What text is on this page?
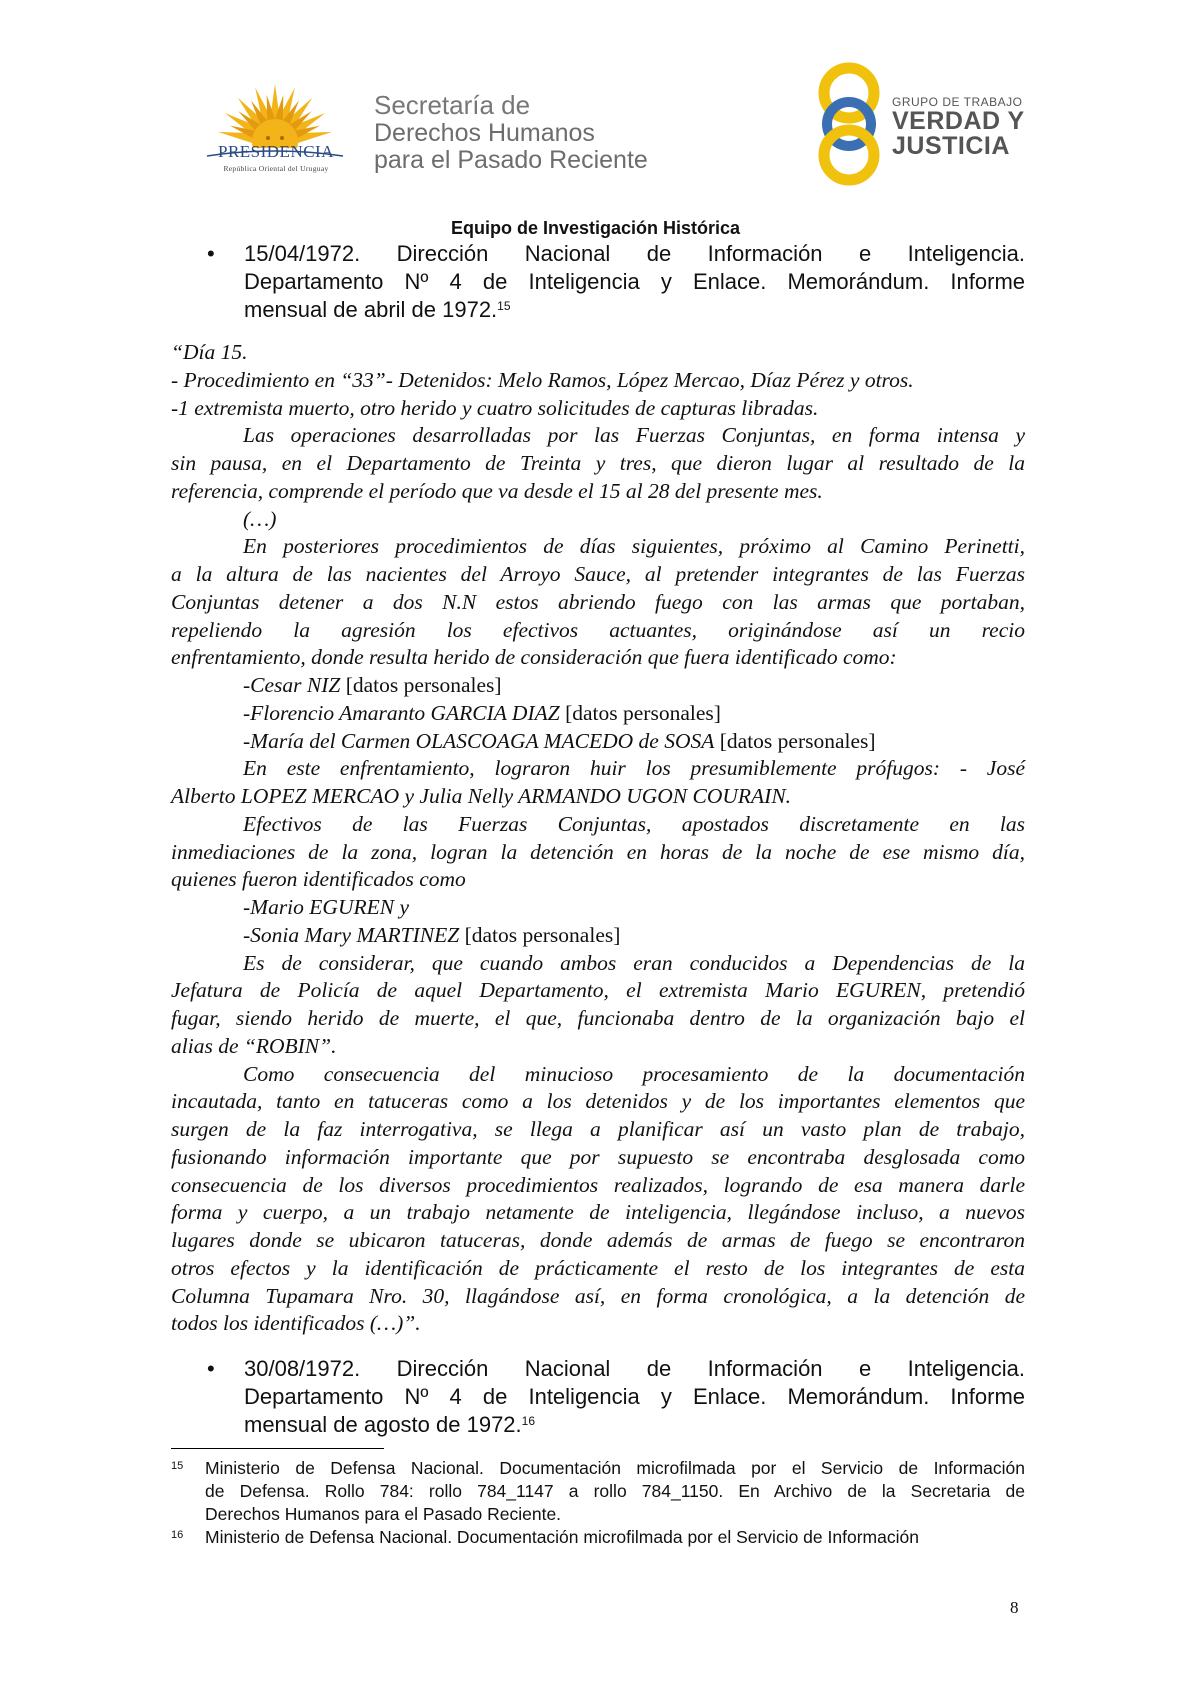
PRESIDENCIA
República Oriental del Uruguay
Secretaría de
Derechos Humanos
para el Pasado Reciente
GRUPO DE TRABAJO
VERDAD Y
JUSTICIA
Equipo de Investigación Histórica
• 15/04/1972. Dirección Nacional de Información e Inteligencia.
Departamento Nº 4 de Inteligencia y Enlace. Memorándum. Informe
mensual de abril de 1972.15
“Día 15.
- Procedimiento en “33”- Detenidos: Melo Ramos, López Mercao, Díaz Pérez y otros.
-1 extremista muerto, otro herido y cuatro solicitudes de capturas libradas.
Las operaciones desarrolladas por las Fuerzas Conjuntas, en forma intensa y
sin pausa, en el Departamento de Treinta y tres, que dieron lugar al resultado de la
referencia, comprende el período que va desde el 15 al 28 del presente mes.
(…)
En posteriores procedimientos de días siguientes, próximo al Camino Perinetti,
a la altura de las nacientes del Arroyo Sauce, al pretender integrantes de las Fuerzas
Conjuntas detener a dos N.N estos abriendo fuego con las armas que portaban,
repeliendo la agresión los efectivos actuantes, originándose así un recio
enfrentamiento, donde resulta herido de consideración que fuera identificado como:
-Cesar NIZ [datos personales]
-Florencio Amaranto GARCIA DIAZ [datos personales]
-María del Carmen OLASCOAGA MACEDO de SOSA [datos personales]
En este enfrentamiento, lograron huir los presumiblemente prófugos: - José
Alberto LOPEZ MERCAO y Julia Nelly ARMANDO UGON COURAIN.
Efectivos de las Fuerzas Conjuntas, apostados discretamente en las
inmediaciones de la zona, logran la detención en horas de la noche de ese mismo día,
quienes fueron identificados como
-Mario EGUREN y
-Sonia Mary MARTINEZ [datos personales]
Es de considerar, que cuando ambos eran conducidos a Dependencias de la
Jefatura de Policía de aquel Departamento, el extremista Mario EGUREN, pretendió
fugar, siendo herido de muerte, el que, funcionaba dentro de la organización bajo el
alias de “ROBIN”.
Como consecuencia del minucioso procesamiento de la documentación
incautada, tanto en tatuceras como a los detenidos y de los importantes elementos que
surgen de la faz interrogativa, se llega a planificar así un vasto plan de trabajo,
fusionando información importante que por supuesto se encontraba desglosada como
consecuencia de los diversos procedimientos realizados, logrando de esa manera darle
forma y cuerpo, a un trabajo netamente de inteligencia, llegándose incluso, a nuevos
lugares donde se ubicaron tatuceras, donde además de armas de fuego se encontraron
otros efectos y la identificación de prácticamente el resto de los integrantes de esta
Columna Tupamara Nro. 30, llagándose así, en forma cronológica, a la detención de
todos los identificados (…)”.
• 30/08/1972. Dirección Nacional de Información e Inteligencia.
Departamento Nº 4 de Inteligencia y Enlace. Memorándum. Informe
mensual de agosto de 1972.16
15 Ministerio de Defensa Nacional. Documentación microfilmada por el Servicio de Información
de Defensa. Rollo 784: rollo 784_1147 a rollo 784_1150. En Archivo de la Secretaria de
Derechos Humanos para el Pasado Reciente.
16 Ministerio de Defensa Nacional. Documentación microfilmada por el Servicio de Información
8
